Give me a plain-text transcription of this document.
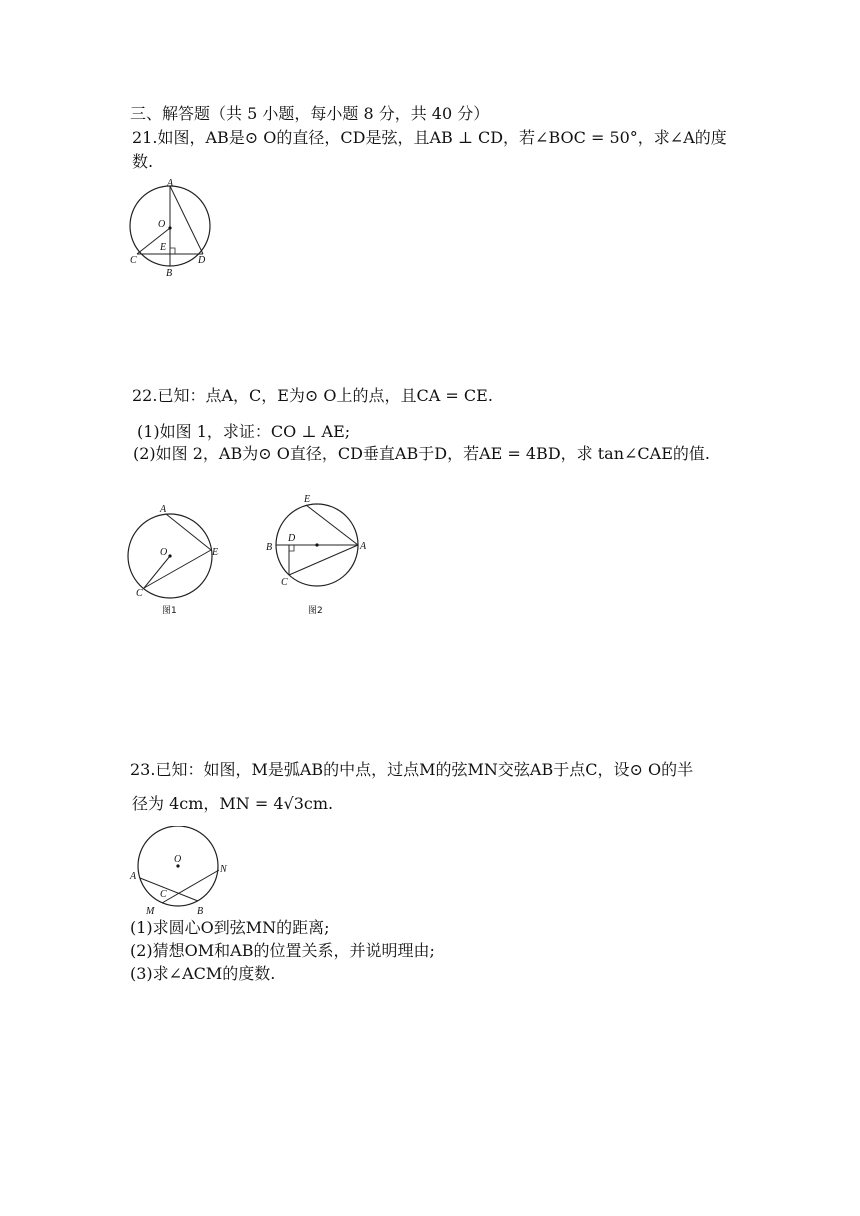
三、解答题（共 5 小题，每小题 8 分，共 40 分）
21.如图，AB是⊙ O的直径，CD是弦，且AB ⊥ CD，若∠BOC = 50°，求∠A的度
数.
A
O
E
C
B
D
22.已知：点A，C，E为⊙ O上的点，且CA = CE.
(1)如图 1，求证：CO ⊥ AE;
(2)如图 2，AB为⊙ O直径，CD垂直AB于D，若AE = 4BD，求 tan∠CAE的值.
A
O	E
C
图1
E
D
B	A
C
图2
23.已知：如图，M是弧AB的中点，过点M的弦MN交弦AB于点C，设⊙ O的半
径为 4cm，MN = 4√3cm.
O
A
N
C
M	B
(1)求圆心O到弦MN的距离;
(2)猜想OM和AB的位置关系，并说明理由;
(3)求∠ACM的度数.
